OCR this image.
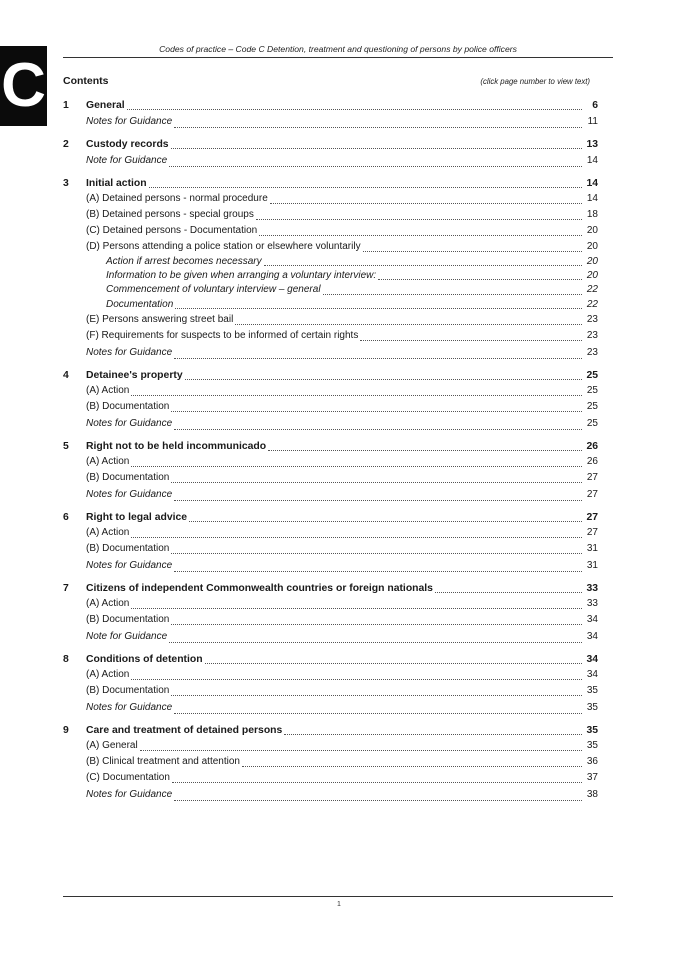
C
Codes of practice – Code C Detention, treatment and questioning of persons by police officers
Contents	(click page number to view text)
1	General	6
Notes for Guidance	11
2	Custody records	13
Note for Guidance	14
3	Initial action	14
(A) Detained persons - normal procedure	14
(B) Detained persons - special groups	18
(C) Detained persons - Documentation	20
(D) Persons attending a police station or elsewhere voluntarily	20
Action if arrest becomes necessary	20
Information to be given when arranging a voluntary interview:	20
Commencement of voluntary interview – general	22
Documentation	22
(E) Persons answering street bail	23
(F) Requirements for suspects to be informed of certain rights	23
Notes for Guidance	23
4	Detainee's property	25
(A) Action	25
(B) Documentation	25
Notes for Guidance	25
5	Right not to be held incommunicado	26
(A) Action	26
(B) Documentation	27
Notes for Guidance	27
6	Right to legal advice	27
(A) Action	27
(B) Documentation	31
Notes for Guidance	31
7	Citizens of independent Commonwealth countries or foreign nationals	33
(A) Action	33
(B) Documentation	34
Note for Guidance	34
8	Conditions of detention	34
(A) Action	34
(B) Documentation	35
Notes for Guidance	35
9	Care and treatment of detained persons	35
(A) General	35
(B) Clinical treatment and attention	36
(C) Documentation	37
Notes for Guidance	38
1
